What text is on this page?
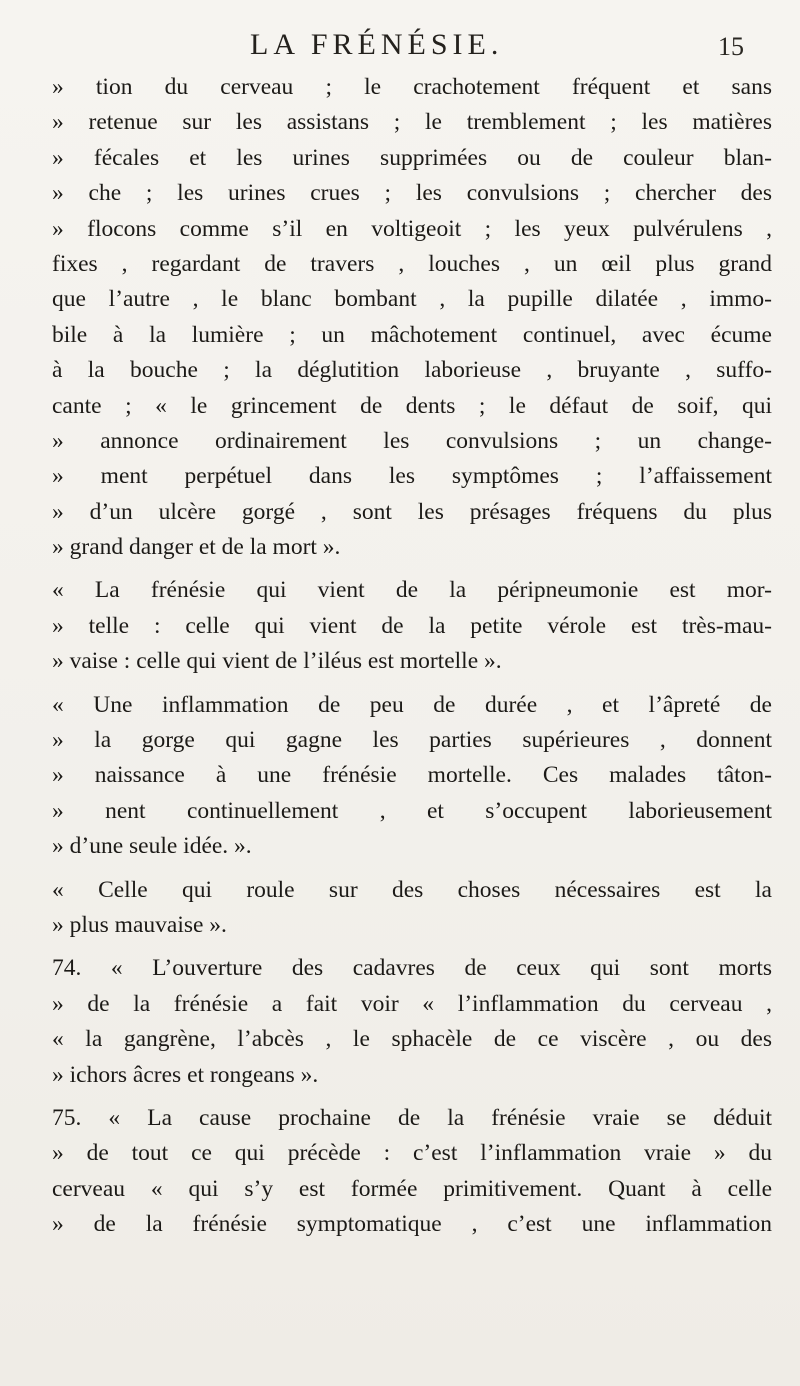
LA FRÉNÉSIE.	15
» tion du cerveau ; le crachotement fréquent et sans
» retenue sur les assistans ; le tremblement ; les matières
» fécales et les urines supprimées ou de couleur blan-
» che ; les urines crues ; les convulsions ; chercher des
» flocons comme s’il en voltigeoit ; les yeux pulvérulens ,
fixes , regardant de travers , louches , un œil plus grand
que l’autre , le blanc bombant , la pupille dilatée , immo-
bile à la lumière ; un mâchotement continuel, avec écume
à la bouche ; la déglutition laborieuse , bruyante , suffo-
cante ; « le grincement de dents ; le défaut de soif, qui
» annonce ordinairement les convulsions ; un change-
» ment perpétuel dans les symptômes ; l’affaissement
» d’un ulcère gorgé , sont les présages fréquens du plus
» grand danger et de la mort ».
« La frénésie qui vient de la péripneumonie est mor-
» telle : celle qui vient de la petite vérole est très-mau-
» vaise : celle qui vient de l’iléus est mortelle ».
« Une inflammation de peu de durée , et l’âpreté de
» la gorge qui gagne les parties supérieures , donnent
» naissance à une frénésie mortelle. Ces malades tâton-
» nent continuellement , et s’occupent laborieusement
» d’une seule idée. ».
« Celle qui roule sur des choses nécessaires est la
» plus mauvaise ».
74. « L’ouverture des cadavres de ceux qui sont morts
» de la frénésie a fait voir « l’inflammation du cerveau ,
« la gangrène, l’abcès , le sphacèle de ce viscère , ou des
» ichors âcres et rongeans ».
75. « La cause prochaine de la frénésie vraie se déduit
» de tout ce qui précède : c’est l’inflammation vraie » du
cerveau « qui s’y est formée primitivement. Quant à celle
» de la frénésie symptomatique , c’est une inflammation
